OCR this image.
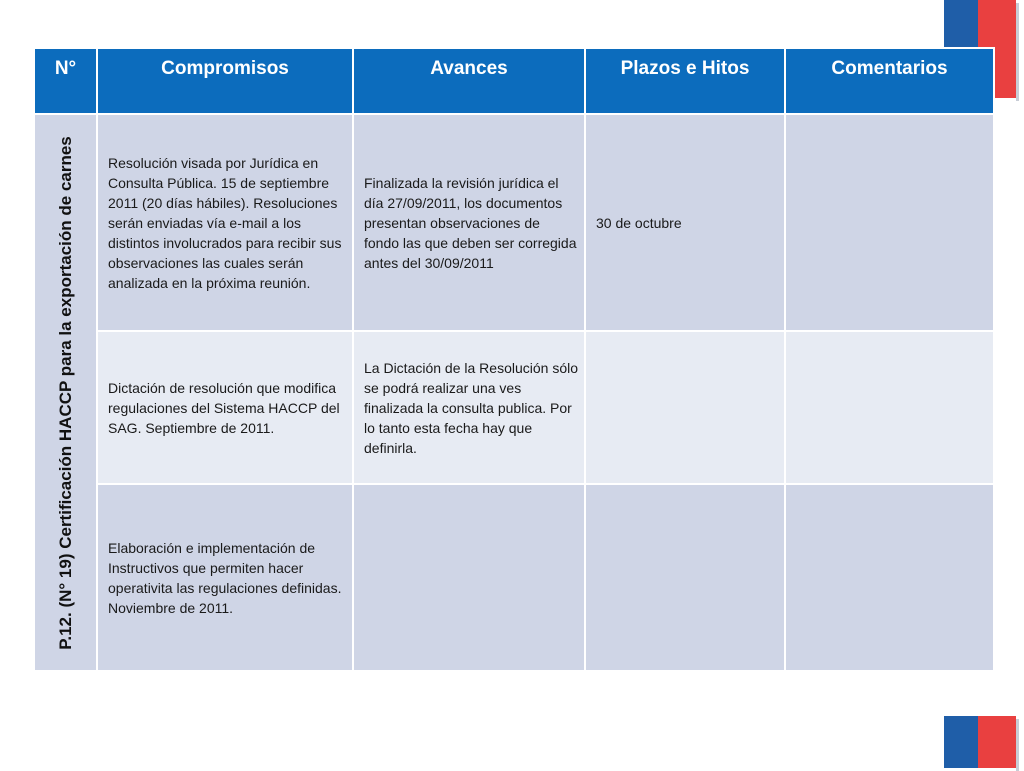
N°	Compromisos	Avances	Plazos e Hitos	Comentarios

P.12. (N° 19) Certificación HACCP para la exportación de carnes	Resolución visada por Jurídica en Consulta Pública. 15 de septiembre 2011 (20 días hábiles). Resoluciones serán enviadas vía e-mail a los distintos involucrados para recibir sus observaciones las cuales serán analizada en la próxima reunión.	Finalizada la revisión jurídica el día 27/09/2011, los documentos presentan observaciones de fondo las que deben ser corregida antes del 30/09/2011	30 de octubre	

	Dictación de resolución que modifica regulaciones del Sistema HACCP del SAG. Septiembre de 2011.	La Dictación de la Resolución sólo se podrá realizar una ves finalizada la consulta publica. Por lo tanto esta fecha hay que definirla.		

	Elaboración e implementación de Instructivos que permiten hacer operativita las regulaciones definidas. Noviembre de 2011.			
